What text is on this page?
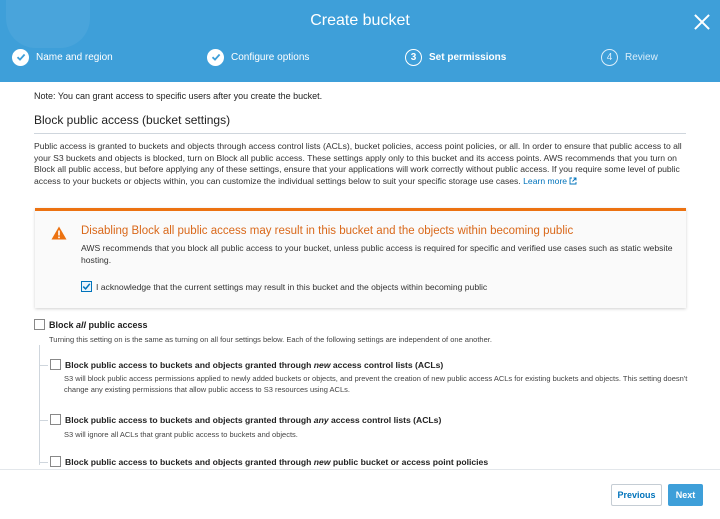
Create bucket
Name and region	Configure options	3	Set permissions	4	Review
Note: You can grant access to specific users after you create the bucket.
Block public access (bucket settings)
Public access is granted to buckets and objects through access control lists (ACLs), bucket policies, access point policies, or all. In order to ensure that public access to all your S3 buckets and objects is blocked, turn on Block all public access. These settings apply only to this bucket and its access points. AWS recommends that you turn on Block all public access, but before applying any of these settings, ensure that your applications will work correctly without public access. If you require some level of public access to your buckets or objects within, you can customize the individual settings below to suit your specific storage use cases. Learn more
Disabling Block all public access may result in this bucket and the objects within becoming public
AWS recommends that you block all public access to your bucket, unless public access is required for specific and verified use cases such as static website hosting.
I acknowledge that the current settings may result in this bucket and the objects within becoming public
Block all public access
Turning this setting on is the same as turning on all four settings below. Each of the following settings are independent of one another.
Block public access to buckets and objects granted through new access control lists (ACLs)
S3 will block public access permissions applied to newly added buckets or objects, and prevent the creation of new public access ACLs for existing buckets and objects. This setting doesn't change any existing permissions that allow public access to S3 resources using ACLs.
Block public access to buckets and objects granted through any access control lists (ACLs)
S3 will ignore all ACLs that grant public access to buckets and objects.
Block public access to buckets and objects granted through new public bucket or access point policies
Previous	Next
